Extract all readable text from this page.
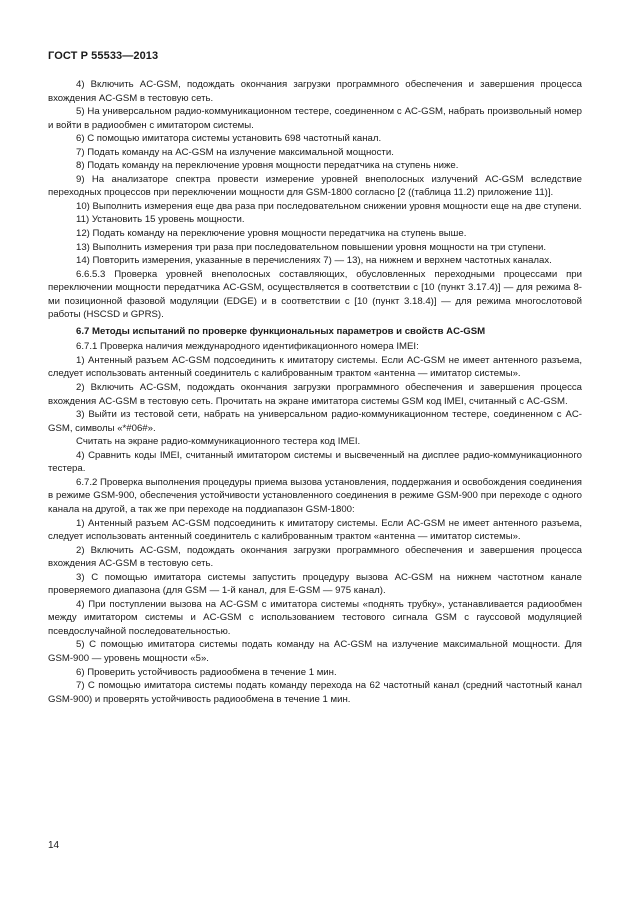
ГОСТ Р 55533—2013

4) Включить AC-GSM, подождать окончания загрузки программного обеспечения и завершения процесса вхождения AC-GSM в тестовую сеть.

5) На универсальном радио-коммуникационном тестере, соединенном с AC-GSM, набрать произвольный номер и войти в радиообмен с имитатором системы.

6) С помощью имитатора системы установить 698 частотный канал.

7) Подать команду на AC-GSM на излучение максимальной мощности.

8) Подать команду на переключение уровня мощности передатчика на ступень ниже.

9) На анализаторе спектра провести измерение уровней внеполосных излучений AC-GSM вследствие переходных процессов при переключении мощности для GSM-1800 согласно [2 ((таблица 11.2) приложение 11)].

10) Выполнить измерения еще два раза при последовательном снижении уровня мощности еще на две ступени.

11) Установить 15 уровень мощности.

12) Подать команду на переключение уровня мощности передатчика на ступень выше.

13) Выполнить измерения три раза при последовательном повышении уровня мощности на три ступени.

14) Повторить измерения, указанные в перечислениях 7) — 13), на нижнем и верхнем частотных каналах.

6.6.5.3 Проверка уровней внеполосных составляющих, обусловленных переходными процессами при переключении мощности передатчика AC-GSM, осуществляется в соответствии с [10 (пункт 3.17.4)] — для режима 8-ми позиционной фазовой модуляции (EDGE) и в соответствии с [10 (пункт 3.18.4)] — для режима многослотовой работы (HSCSD и GPRS).

6.7 Методы испытаний по проверке функциональных параметров и свойств AC-GSM

6.7.1 Проверка наличия международного идентификационного номера IMEI:

1) Антенный разъем AC-GSM подсоединить к имитатору системы. Если AC-GSM не имеет антенного разъема, следует использовать антенный соединитель с калиброванным трактом «антенна — имитатор системы».

2) Включить AC-GSM, подождать окончания загрузки программного обеспечения и завершения процесса вхождения AC-GSM в тестовую сеть. Прочитать на экране имитатора системы GSM код IMEI, считанный с AC-GSM.

3) Выйти из тестовой сети, набрать на универсальном радио-коммуникационном тестере, соединенном с AC-GSM, символы «*#06#».

Считать на экране радио-коммуникационного тестера код IMEI.

4) Сравнить коды IMEI, считанный имитатором системы и высвеченный на дисплее радио-коммуникационного тестера.

6.7.2 Проверка выполнения процедуры приема вызова установления, поддержания и освобождения соединения в режиме GSM-900, обеспечения устойчивости установленного соединения в режиме GSM-900 при переходе с одного канала на другой, а так же при переходе на поддиапазон GSM-1800:

1) Антенный разъем AC-GSM подсоединить к имитатору системы. Если AC-GSM не имеет антенного разъема, следует использовать антенный соединитель с калиброванным трактом «антенна — имитатор системы».

2) Включить AC-GSM, подождать окончания загрузки программного обеспечения и завершения процесса вхождения AC-GSM в тестовую сеть.

3) С помощью имитатора системы запустить процедуру вызова AC-GSM на нижнем частотном канале проверяемого диапазона (для GSM — 1-й канал, для E-GSM — 975 канал).

4) При поступлении вызова на AC-GSM с имитатора системы «поднять трубку», устанавливается радиообмен между имитатором системы и AC-GSM с использованием тестового сигнала GSM с гауссовой модуляцией псевдослучайной последовательностью.

5) С помощью имитатора системы подать команду на AC-GSM на излучение максимальной мощности. Для GSM-900 — уровень мощности «5».

6) Проверить устойчивость радиообмена в течение 1 мин.

7) С помощью имитатора системы подать команду перехода на 62 частотный канал (средний частотный канал GSM-900) и проверять устойчивость радиообмена в течение 1 мин.

14
